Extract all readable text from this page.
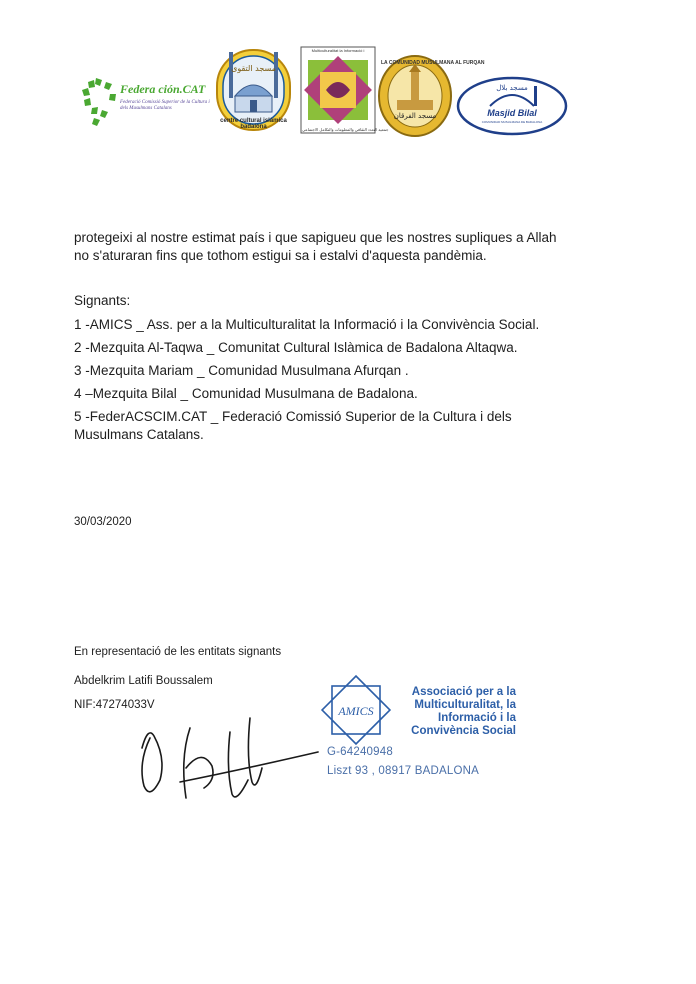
Federa ción.CAT
Federació Comissió Superior de la Cultura i dels Musulmans Catalans
مسجد التقوى
centre cultural islàmica badalona
Multiculturalitat la Informació i
جمعية التعدد الثقافي والمعلومات والتكامل الاجتماعي
LA COMUNIDAD MUSULMANA AL FURQAN
مسجد الفرقان
مسجد بلال
Masjid Bilal
COMUNIDAD MUSULMANA DE BADALONA
protegeixi al nostre estimat país i que sapigueu que les nostres supliques a Allah no s'aturaran fins que tothom estigui sa i estalvi d'aquesta pandèmia.
Signants:
1 -AMICS _ Ass. per a la Multiculturalitat la Informació i la Convivència Social.
2 -Mezquita Al-Taqwa _ Comunitat Cultural Islàmica de Badalona Altaqwa.
3 -Mezquita Mariam _ Comunidad Musulmana Afurqan .
4 –Mezquita Bilal _ Comunidad Musulmana de Badalona.
5 -FederACSCIM.CAT _ Federació Comissió Superior de la Cultura i dels Musulmans Catalans.
30/03/2020
En representació de les entitats signants
Abdelkrim Latifi Boussalem
NIF:47274033V	AMICS
Associació per a la Multiculturalitat, la Informació i la Convivència Social
G-64240948
Liszt 93 , 08917 BADALONA
